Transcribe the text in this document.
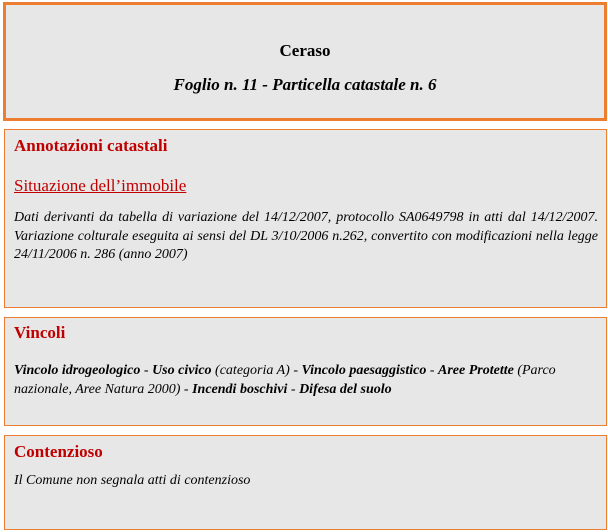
Ceraso
Foglio n. 11 - Particella catastale n. 6
Annotazioni catastali
Situazione dell’immobile
Dati derivanti da tabella di variazione del 14/12/2007, protocollo SA0649798 in atti dal 14/12/2007. Variazione colturale eseguita ai sensi del DL 3/10/2006 n.262, convertito con modificazioni nella legge 24/11/2006 n. 286 (anno 2007)
Vincoli
Vincolo idrogeologico - Uso civico (categoria A) - Vincolo paesaggistico - Aree Protette (Parco nazionale, Aree Natura 2000) - Incendi boschivi - Difesa del suolo
Contenzioso
Il Comune non segnala atti di contenzioso
